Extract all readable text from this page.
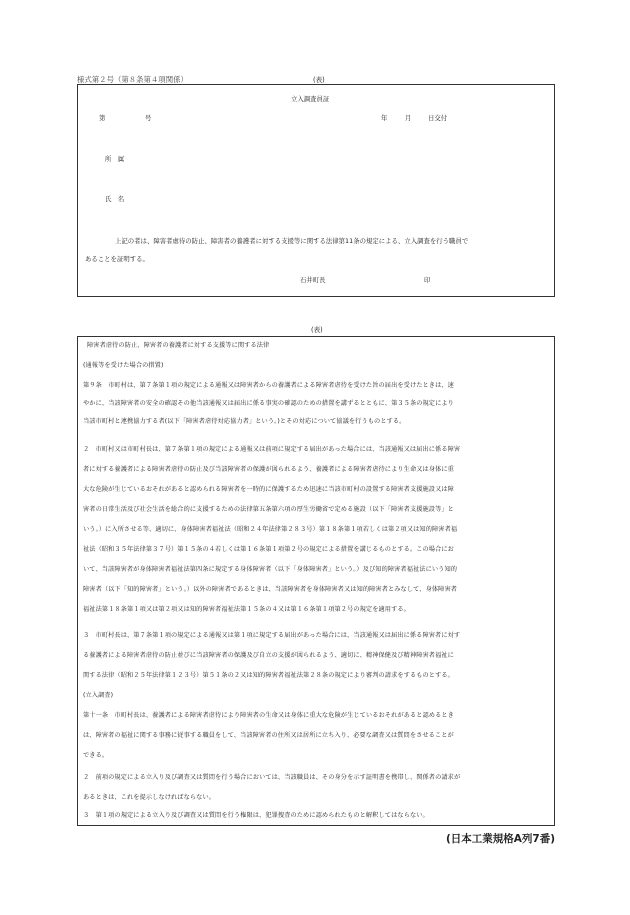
様式第２号（第８条第４項関係）	(表)
立入調査員証
第	号	年	月	日交付
所　属
氏　名
上記の者は、障害者虐待の防止、障害者の養護者に対する支援等に関する法律第11条の規定による、立入調査を行う職員で
あることを証明する。
石井町長	印
(表)
障害者虐待の防止、障害者の養護者に対する支援等に関する法律
(通報等を受けた場合の措置)
第９条　市町村は、第７条第１項の規定による通報又は障害者からの養護者による障害者虐待を受けた旨の届出を受けたときは、速
やかに、当該障害者の安全の確認その他当該通報又は届出に係る事実の確認のための措置を講ずるとともに、第３５条の規定により
当該市町村と連携協力する者(以下「障害者虐待対応協力者」という。)とその対応について協議を行うものとする。
２　市町村又は市町村長は、第７条第１項の規定による通報又は前項に規定する届出があった場合には、当該通報又は届出に係る障害
者に対する養護者による障害者虐待の防止及び当該障害者の保護が図られるよう、養護者による障害者虐待により生命又は身体に重
大な危険が生じているおそれがあると認められる障害者を一時的に保護するため迅速に当該市町村の設置する障害者支援施設又は障
害者の日常生活及び社会生活を総合的に支援するための法律第五条第六項の厚生労働省で定める施設（以下「障害者支援施設等」と
いう。）に入所させる等、適切に、身体障害者福祉法（昭和２４年法律第２８３号）第１８条第１項若しくは第２項又は知的障害者福
祉法（昭和３５年法律第３７号）第１５条の４若しくは第１６条第１項第２号の規定による措置を講じるものとする。この場合にお
いて、当該障害者が身体障害者福祉法第四条に規定する身体障害者（以下「身体障害者」という。）及び知的障害者福祉法にいう知的
障害者（以下「知的障害者」という。）以外の障害者であるときは、当該障害者を身体障害者又は知的障害者とみなして、身体障害者
福祉法第１８条第１項又は第２項又は知的障害者福祉法第１５条の４又は第１６条第１項第２号の規定を適用する。
３　市町村長は、第７条第１項の規定による通報又は第１項に規定する届出があった場合には、当該通報又は届出に係る障害者に対す
る養護者による障害者虐待の防止並びに当該障害者の保護及び自立の支援が図られるよう、適切に、精神保健及び精神障害者福祉に
関する法律（昭和２５年法律第１２３号）第５１条の２又は知的障害者福祉法第２８条の規定により審判の請求をするものとする。
(立入調査)
第十一条　市町村長は、養護者による障害者虐待により障害者の生命又は身体に重大な危険が生じているおそれがあると認めるとき
は、障害者の福祉に関する事務に従事する職員をして、当該障害者の住所又は居所に立ち入り、必要な調査又は質問をさせることが
できる。
２　前項の規定による立入り及び調査又は質問を行う場合においては、当該職員は、その身分を示す証明書を携帯し、関係者の請求が
あるときは、これを提示しなければならない。
３　第１項の規定による立入り及び調査又は質問を行う権限は、犯罪捜査のために認められたものと解釈してはならない。
(日本工業規格A列7番)
